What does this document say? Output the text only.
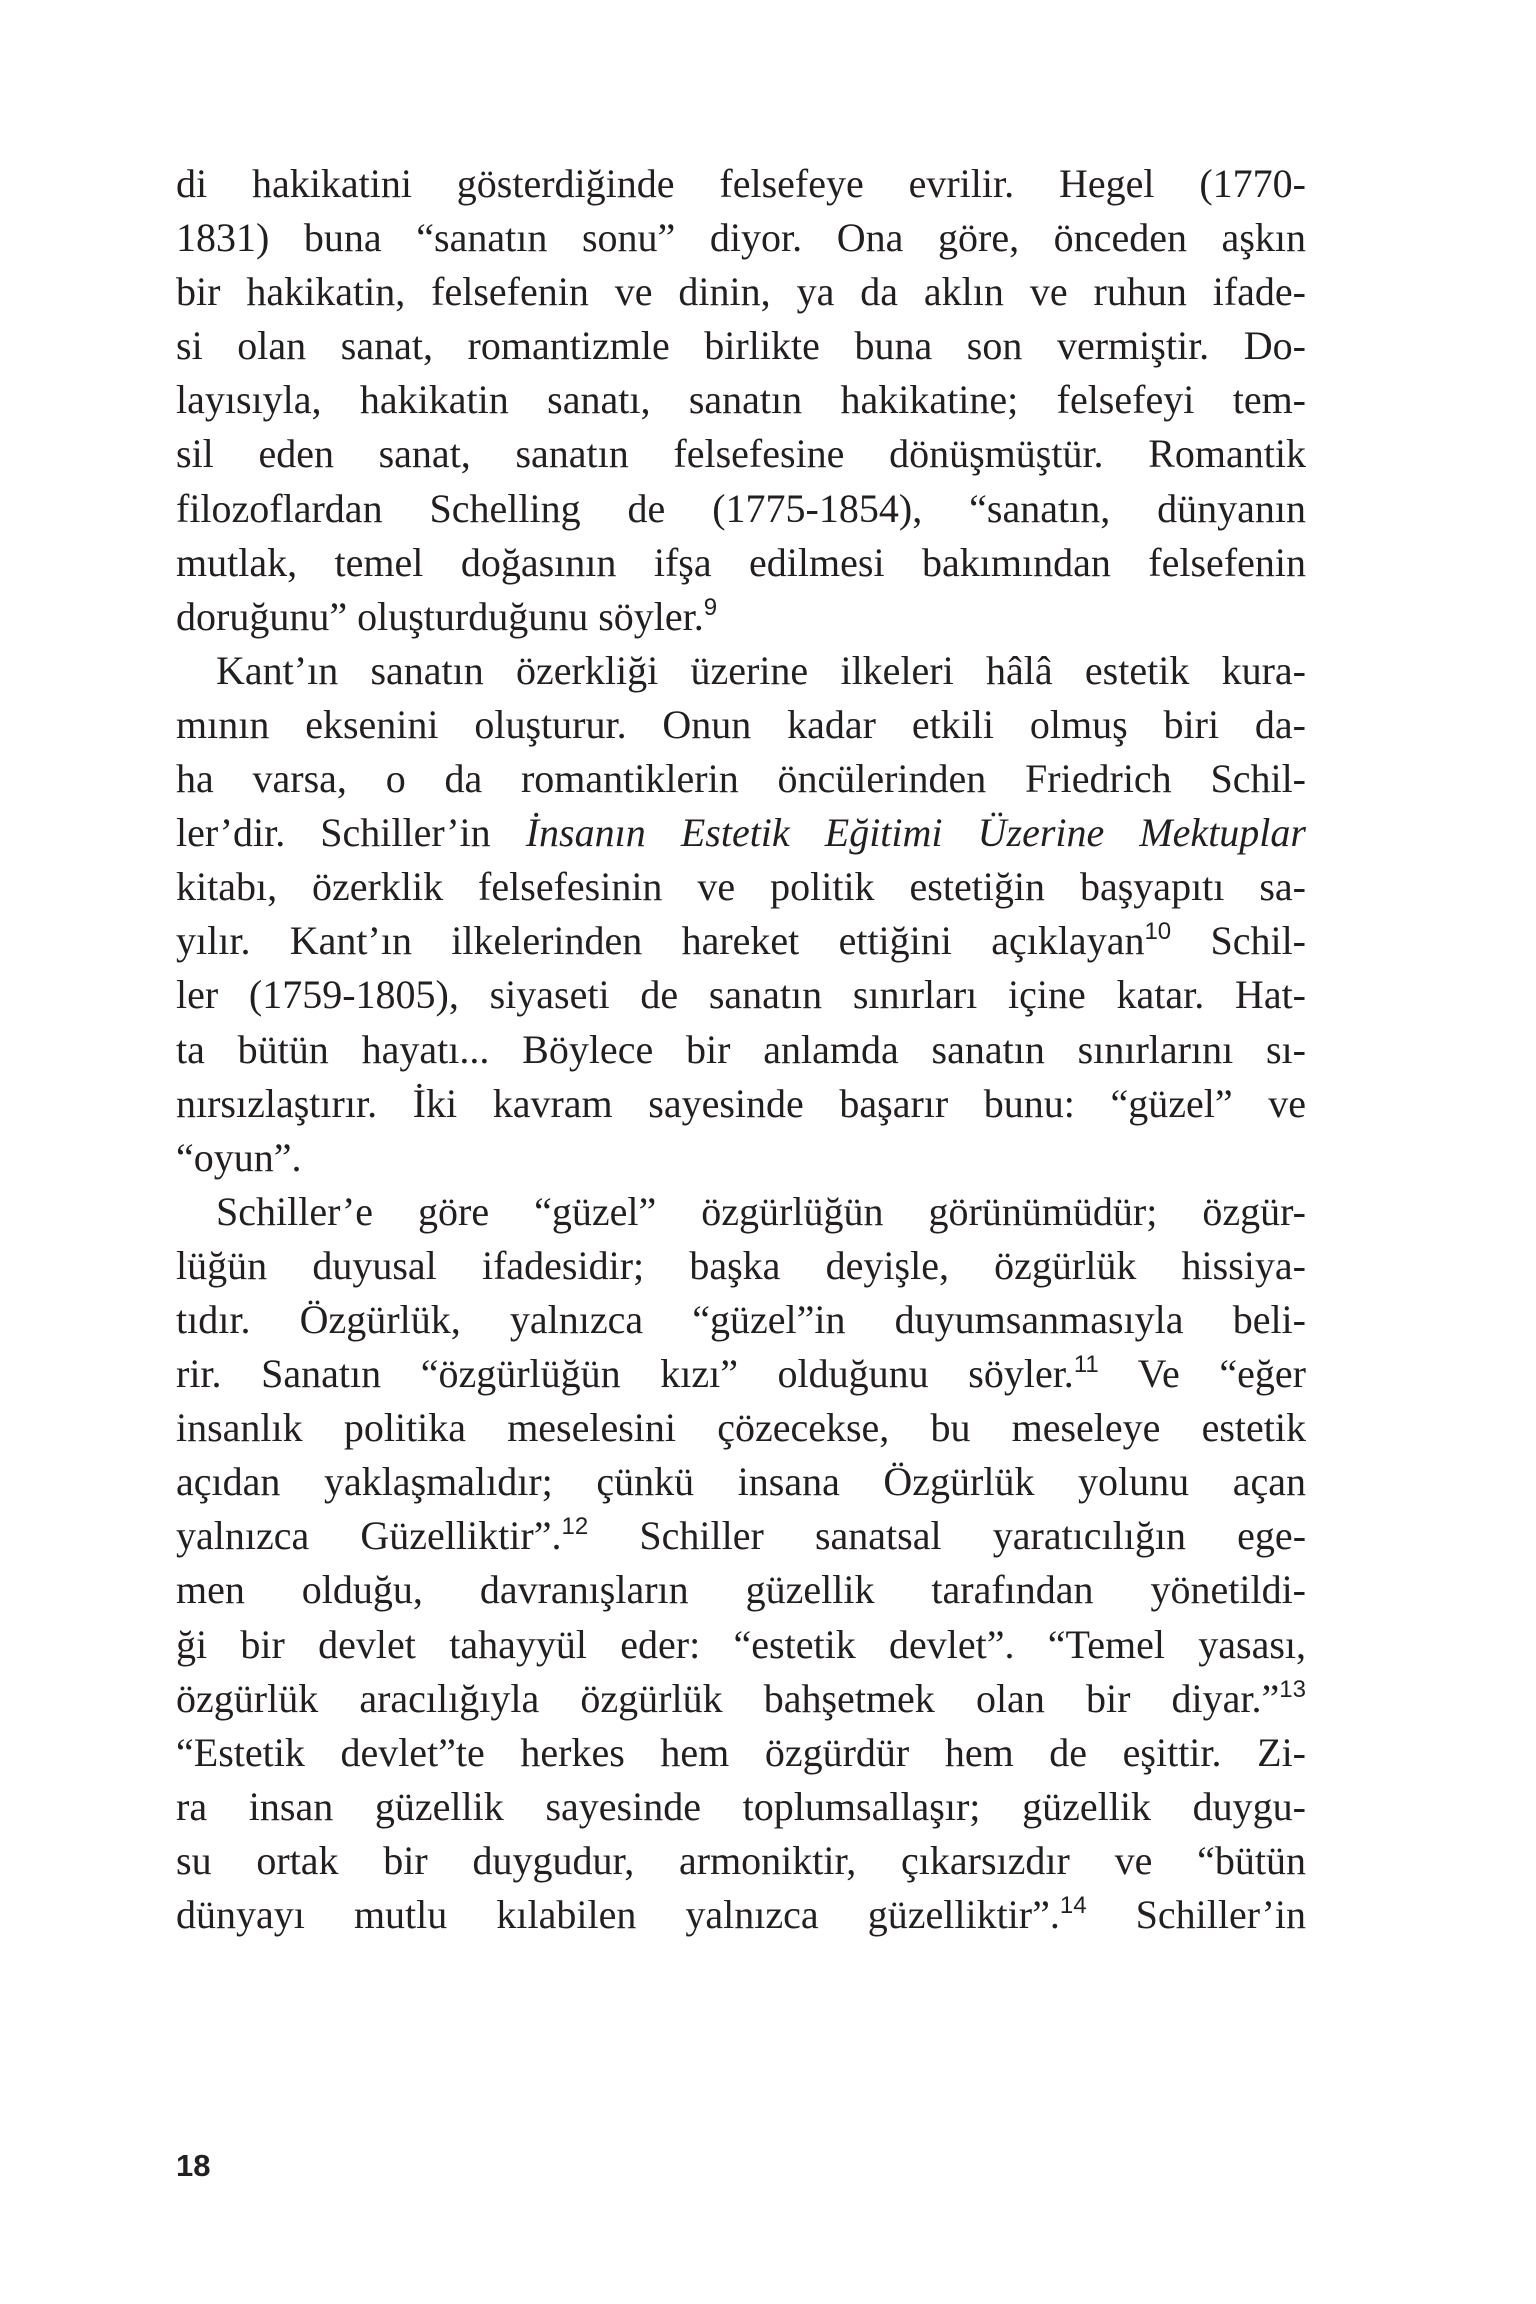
di hakikatini gösterdiğinde felsefeye evrilir. Hegel (1770-
1831) buna “sanatın sonu” diyor. Ona göre, önceden aşkın
bir hakikatin, felsefenin ve dinin, ya da aklın ve ruhun ifade-
si olan sanat, romantizmle birlikte buna son vermiştir. Do-
layısıyla, hakikatin sanatı, sanatın hakikatine; felsefeyi tem-
sil eden sanat, sanatın felsefesine dönüşmüştür. Romantik
filozoflardan Schelling de (1775-1854), “sanatın, dünyanın
mutlak, temel doğasının ifşa edilmesi bakımından felsefenin
doruğunu” oluşturduğunu söyler.$^9$
Kant’ın sanatın özerkliği üzerine ilkeleri hâlâ estetik kura-
mının eksenini oluşturur. Onun kadar etkili olmuş biri da-
ha varsa, o da romantiklerin öncülerinden Friedrich Schil-
ler’dir. Schiller’in İnsanın Estetik Eğitimi Üzerine Mektuplar
kitabı, özerklik felsefesinin ve politik estetiğin başyapıtı sa-
yılır. Kant’ın ilkelerinden hareket ettiğini açıklayan$^{10}$ Schil-
ler (1759-1805), siyaseti de sanatın sınırları içine katar. Hat-
ta bütün hayatı... Böylece bir anlamda sanatın sınırlarını sı-
nırsızlaştırır. İki kavram sayesinde başarır bunu: “güzel” ve
“oyun”.
Schiller’e göre “güzel” özgürlüğün görünümüdür; özgür-
lüğün duyusal ifadesidir; başka deyişle, özgürlük hissiya-
tıdır. Özgürlük, yalnızca “güzel”in duyumsanmasıyla beli-
rir. Sanatın “özgürlüğün kızı” olduğunu söyler.$^{11}$ Ve “eğer
insanlık politika meselesini çözecekse, bu meseleye estetik
açıdan yaklaşmalıdır; çünkü insana Özgürlük yolunu açan
yalnızca Güzelliktir”.$^{12}$ Schiller sanatsal yaratıcılığın ege-
men olduğu, davranışların güzellik tarafından yönetildi-
ği bir devlet tahayyül eder: “estetik devlet”. “Temel yasası,
özgürlük aracılığıyla özgürlük bahşetmek olan bir diyar.”$^{13}$
“Estetik devlet”te herkes hem özgürdür hem de eşittir. Zi-
ra insan güzellik sayesinde toplumsallaşır; güzellik duygu-
su ortak bir duygudur, armoniktir, çıkarsızdır ve “bütün
dünyayı mutlu kılabilen yalnızca güzelliktir”.$^{14}$ Schiller’in
18
